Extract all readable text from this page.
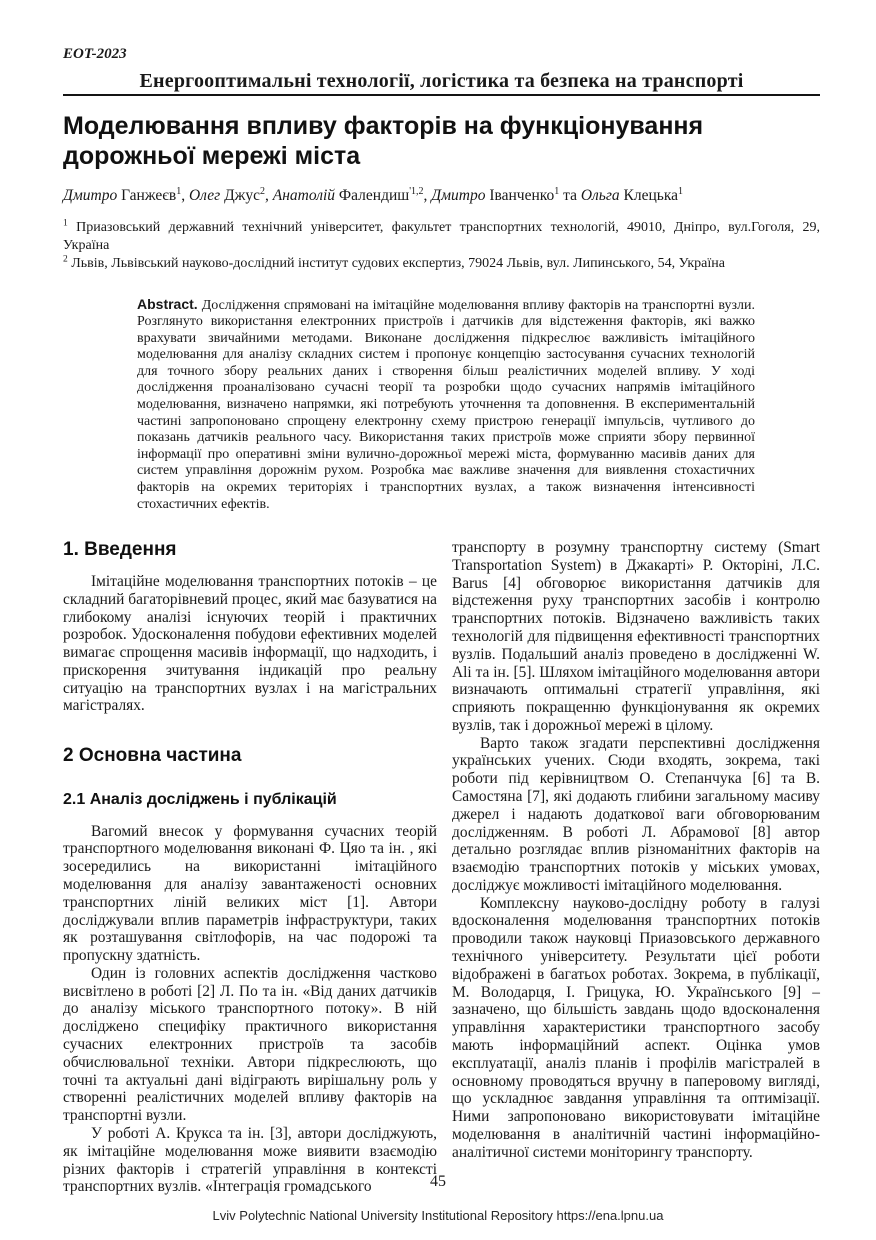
EOT-2023
Енергооптимальні технології, логістика та безпека на транспорті
Моделювання впливу факторів на функціонування дорожньої мережі міста
Дмитро Ганжеєв$^1$, Олег Джус$^2$, Анатолій Фалендиш$^{'1,2}$, Дмитро Іванченко$^1$ та Ольга Клецька$^1$
$^1$ Приазовський державний технічний університет, факультет транспортних технологій, 49010, Дніпро, вул.Гоголя, 29,
Україна
$^2$ Львів, Львівський науково-дослідний інститут судових експертиз, 79024 Львів, вул. Липинського, 54, Україна
Abstract. Дослідження спрямовані на імітаційне моделювання впливу факторів на транспортні вузли. Розглянуто використання електронних пристроїв і датчиків для відстеження факторів, які важко врахувати звичайними методами. Виконане дослідження підкреслює важливість імітаційного моделювання для аналізу складних систем і пропонує концепцію застосування сучасних технологій для точного збору реальних даних і створення більш реалістичних моделей впливу. У ході дослідження проаналізовано сучасні теорії та розробки щодо сучасних напрямів імітаційного моделювання, визначено напрямки, які потребують уточнення та доповнення. В експериментальній частині запропоновано спрощену електронну схему пристрою генерації імпульсів, чутливого до показань датчиків реального часу. Використання таких пристроїв може сприяти збору первинної інформації про оперативні зміни вулично-дорожньої мережі міста, формуванню масивів даних для систем управління дорожнім рухом. Розробка має важливе значення для виявлення стохастичних факторів на окремих територіях і транспортних вузлах, а також визначення інтенсивності стохастичних ефектів.
1. Введення

Імітаційне моделювання транспортних потоків – це складний багаторівневий процес, який має базуватися на глибокому аналізі існуючих теорій і практичних розробок. Удосконалення побудови ефективних моделей вимагає спрощення масивів інформації, що надходить, і прискорення зчитування індикацій про реальну ситуацію на транспортних вузлах і на магістральних магістралях.

2 Основна частина
2.1 Аналіз досліджень і публікацій

Вагомий внесок у формування сучасних теорій транспортного моделювання виконані Ф. Цяо та ін. , які зосередились на використанні імітаційного моделювання для аналізу завантаженості основних транспортних ліній великих міст [1]. Автори досліджували вплив параметрів інфраструктури, таких як розташування світлофорів, на час подорожі та пропускну здатність.

Один із головних аспектів дослідження частково висвітлено в роботі [2] Л. По та ін. «Від даних датчиків до аналізу міського транспортного потоку». В ній досліджено специфіку практичного використання сучасних електронних пристроїв та засобів обчислювальної техніки. Автори підкреслюють, що точні та актуальні дані відіграють вирішальну роль у створенні реалістичних моделей впливу факторів на транспортні вузли.

У роботі А. Крукса та ін. [3], автори досліджують, як імітаційне моделювання може виявити взаємодію різних факторів і стратегій управління в контексті транспортних вузлів. «Інтеграція громадського

транспорту в розумну транспортну систему (Smart Transportation System) в Джакарті» Р. Окторіні, Л.С. Barus [4] обговорює використання датчиків для відстеження руху транспортних засобів і контролю транспортних потоків. Відзначено важливість таких технологій для підвищення ефективності транспортних вузлів. Подальший аналіз проведено в дослідженні W. Ali та ін. [5]. Шляхом імітаційного моделювання автори визначають оптимальні стратегії управління, які сприяють покращенню функціонування як окремих вузлів, так і дорожньої мережі в цілому.

Варто також згадати перспективні дослідження українських учених. Сюди входять, зокрема, такі роботи під керівництвом О. Степанчука [6] та В. Самостяна [7], які додають глибини загальному масиву джерел і надають додаткової ваги обговорюваним дослідженням. В роботі Л. Абрамової [8] автор детально розглядає вплив різноманітних факторів на взаємодію транспортних потоків у міських умовах, досліджує можливості імітаційного моделювання.

Комплексну науково-дослідну роботу в галузі вдосконалення моделювання транспортних потоків проводили також науковці Приазовського державного технічного університету. Результати цієї роботи відображені в багатьох роботах. Зокрема, в публікації, М. Володарця, І. Грицука, Ю. Українського [9] – зазначено, що більшість завдань щодо вдосконалення управління характеристики транспортного засобу мають інформаційний аспект. Оцінка умов експлуатації, аналіз планів і профілів магістралей в основному проводяться вручну в паперовому вигляді, що ускладнює завдання управління та оптимізації. Ними запропоновано використовувати імітаційне моделювання в аналітичній частині інформаційно-аналітичної системи моніторингу транспорту.

45
Lviv Polytechnic National University Institutional Repository https://ena.lpnu.ua
